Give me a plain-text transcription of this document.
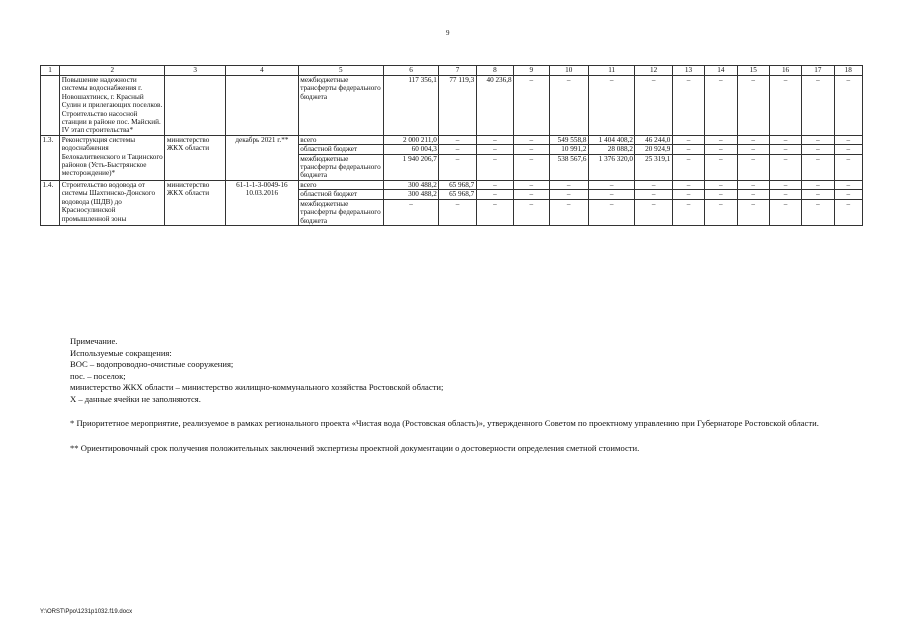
9
1	2	3	4	5	6	7	8	9	10	11	12	13	14	15	16	17	18
	Повышение надежности системы водоснабжения г. Новошахтинск, г. Красный Сулин и прилегающих поселков. Строительство насосной станции в районе пос. Майский. IV этап строительства*			межбюджетные трансферты федерального бюджета	117 356,1	77 119,3	40 236,8	–	–	–	–	–	–	–	–	–	–
1.3.	Реконструкция системы водоснабжения Белокалитвенского и Тацинского районов (Усть-Быстрянское месторождение)*	министерство ЖКХ области	декабрь 2021 г.**	всего	2 000 211,0	–	–	–	549 558,8	1 404 408,2	46 244,0	–	–	–	–	–	–
				областной бюджет	60 004,3	–	–	–	10 991,2	28 088,2	20 924,9	–	–	–	–	–	–
				межбюджетные трансферты федерального бюджета	1 940 206,7	–	–	–	538 567,6	1 376 320,0	25 319,1	–	–	–	–	–	–
1.4.	Строительство водовода от системы Шахтинско-Донского водовода (ШДВ) до Красносулинской промышленной зоны	министерство ЖКХ области	61-1-1-3-0049-16 10.03.2016	всего	300 488,2	65 968,7	–	–	–	–	–	–	–	–	–	–	–
				областной бюджет	300 488,2	65 968,7	–	–	–	–	–	–	–	–	–	–	–
				межбюджетные трансферты федерального бюджета	–	–	–	–	–	–	–	–	–	–	–	–	–

Примечание.

Используемые сокращения:

ВОС – водопроводно-очистные сооружения;

пос. – поселок;

министерство ЖКХ области – министерство жилищно-коммунального хозяйства Ростовской области;

Х – данные ячейки не заполняются.

* Приоритетное мероприятие, реализуемое в рамках регионального проекта «Чистая вода (Ростовская область)», утвержденного Советом по проектному управлению при Губернаторе Ростовской области.
** Ориентировочный срок получения положительных заключений экспертизы проектной документации о достоверности определения сметной стоимости.
Y:\ORST\Ppo\1231p1032.f19.docx
